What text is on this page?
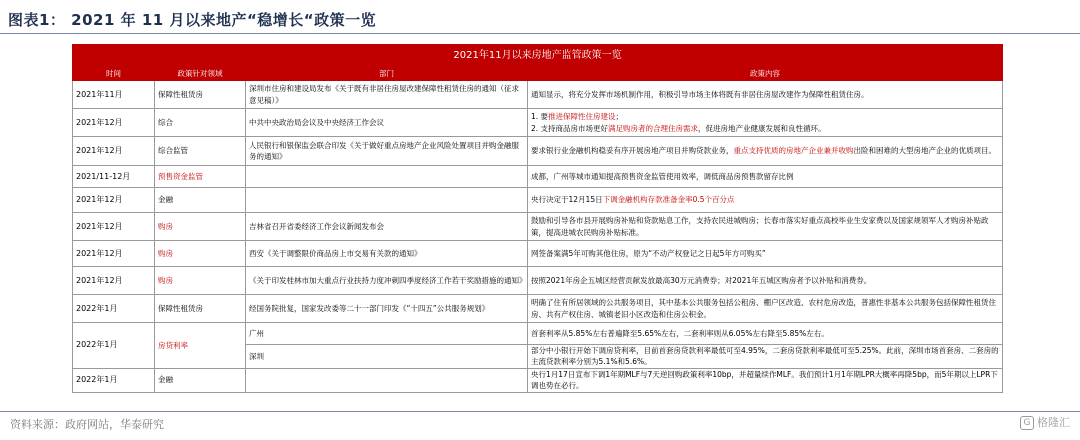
图表1： 2021 年 11 月以来地产“稳增长“政策一览
2021年11月以来房地产监管政策一览			
时间	政策针对领域	部门	政策内容
2021年11月	保障性租赁房	深圳市住房和建设局发布《关于既有非居住房屋改建保障性租赁住房的通知（征求意见稿）》	通知显示，将充分发挥市场机制作用，积极引导市场主体将既有非居住房屋改建作为保障性租赁住房。
2021年12月	综合	中共中央政治局会议及中央经济工作会议	1. 要推进保障性住房建设；
2. 支持商品房市场更好满足购房者的合理住房需求，促进房地产业健康发展和良性循环。

2021年12月	综合监管	人民银行和银保监会联合印发《关于做好重点房地产企业风险处置项目并购金融服务的通知》	要求银行业金融机构稳妥有序开展房地产项目并购贷款业务，重点支持优质的房地产企业兼并收购出险和困难的大型房地产企业的优质项目。
2021/11-12月	预售资金监管		成都，广州等城市通知提高预售资金监管使用效率，调低商品房预售款留存比例
2021年12月	金融		央行决定于12月15日下调金融机构存款准备金率0.5个百分点
2021年12月	购房	吉林省召开省委经济工作会议新闻发布会	鼓励和引导各市县开展购房补贴和贷款贴息工作，支持农民进城购房；长春市落实好重点高校毕业生安家费以及国家规领军人才购房补贴政策，提高进城农民购房补贴标准。
2021年12月	购房	西安《关于调整限价商品房上市交易有关款的通知》	网签备案满5年可购其他住房，原为“不动产权登记之日起5年方可购买”
2021年12月	购房	《关于印发桂林市加大重点行业扶持力度冲刺四季度经济工作若干奖励措施的通知》	按照2021年房企五城区经营贡献发放最高30万元消费券；对2021年五城区购房者予以补贴和消费券。
2022年1月	保障性租赁房	经国务院批复，国家发改委等二十一部门印发《“十四五”公共服务规划》	明确了住有所居领域的公共服务项目，其中基本公共服务包括公租房、棚户区改造、农村危房改造，普惠性非基本公共服务包括保障性租赁住房、共有产权住房、城镇老旧小区改造和住房公积金。
2022年1月	房贷利率	广州	首套利率从5.85%左右普遍降至5.65%左右，二套利率则从6.05%左右降至5.85%左右。
		深圳	部分中小银行开始下调房贷利率，目前首套房贷款利率最低可至4.95%，二套房贷款利率最低可至5.25%。此前，深圳市场首套房、二套房的主流贷款利率分别为5.1%和5.6%。
2022年1月	金融		央行1月17日宣布下调1年期MLF与7天逆回购政策利率10bp，并超量续作MLF。我们预计1月1年期LPR大概率再降5bp，而5年期以上LPR下调也势在必行。
资料来源：政府网站，华泰研究	G 格隆汇
